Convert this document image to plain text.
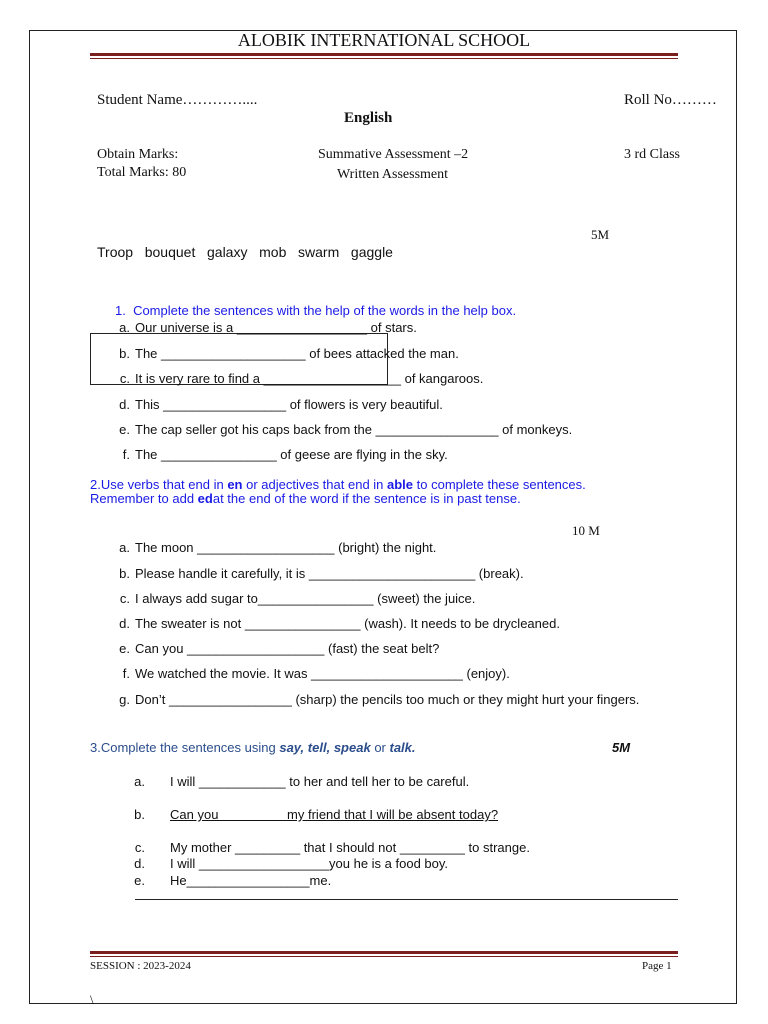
ALOBIK INTERNATIONAL SCHOOL
Student Name…………....	Roll No………
English
Obtain Marks:
Total Marks: 80
Summative Assessment –2
Written Assessment
3 rd Class
5M
Troop   bouquet   galaxy   mob   swarm   gaggle
1.  Complete the sentences with the help of the words in the help box.
a. Our universe is a __________________ of stars.
b. The ____________________ of bees attacked the man.
c. It is very rare to find a ___________________ of kangaroos.
d. This _________________ of flowers is very beautiful.
e. The cap seller got his caps back from the _________________ of monkeys.
f. The ________________ of geese are flying in the sky.
2.Use verbs that end in en or adjectives that end in able to complete these sentences.
Remember to add edat the end of the word if the sentence is in past tense.
10 M
a. The moon ___________________ (bright) the night.
b. Please handle it carefully, it is _______________________ (break).
c. I always add sugar to________________ (sweet) the juice.
d. The sweater is not ________________ (wash). It needs to be drycleaned.
e. Can you ___________________ (fast) the seat belt?
f. We watched the movie. It was _____________________ (enjoy).
g. Don’t _________________ (sharp) the pencils too much or they might hurt your fingers.
3.Complete the sentences using say, tell, speak or talk.	5M
a. I will ____________ to her and tell her to be careful.
b. Can you                   my friend that I will be absent today?
c. My mother _________ that I should not _________ to strange.
d. I will __________________you he is a food boy.
e. He_________________me.
SESSION : 2023-2024	Page 1
\
